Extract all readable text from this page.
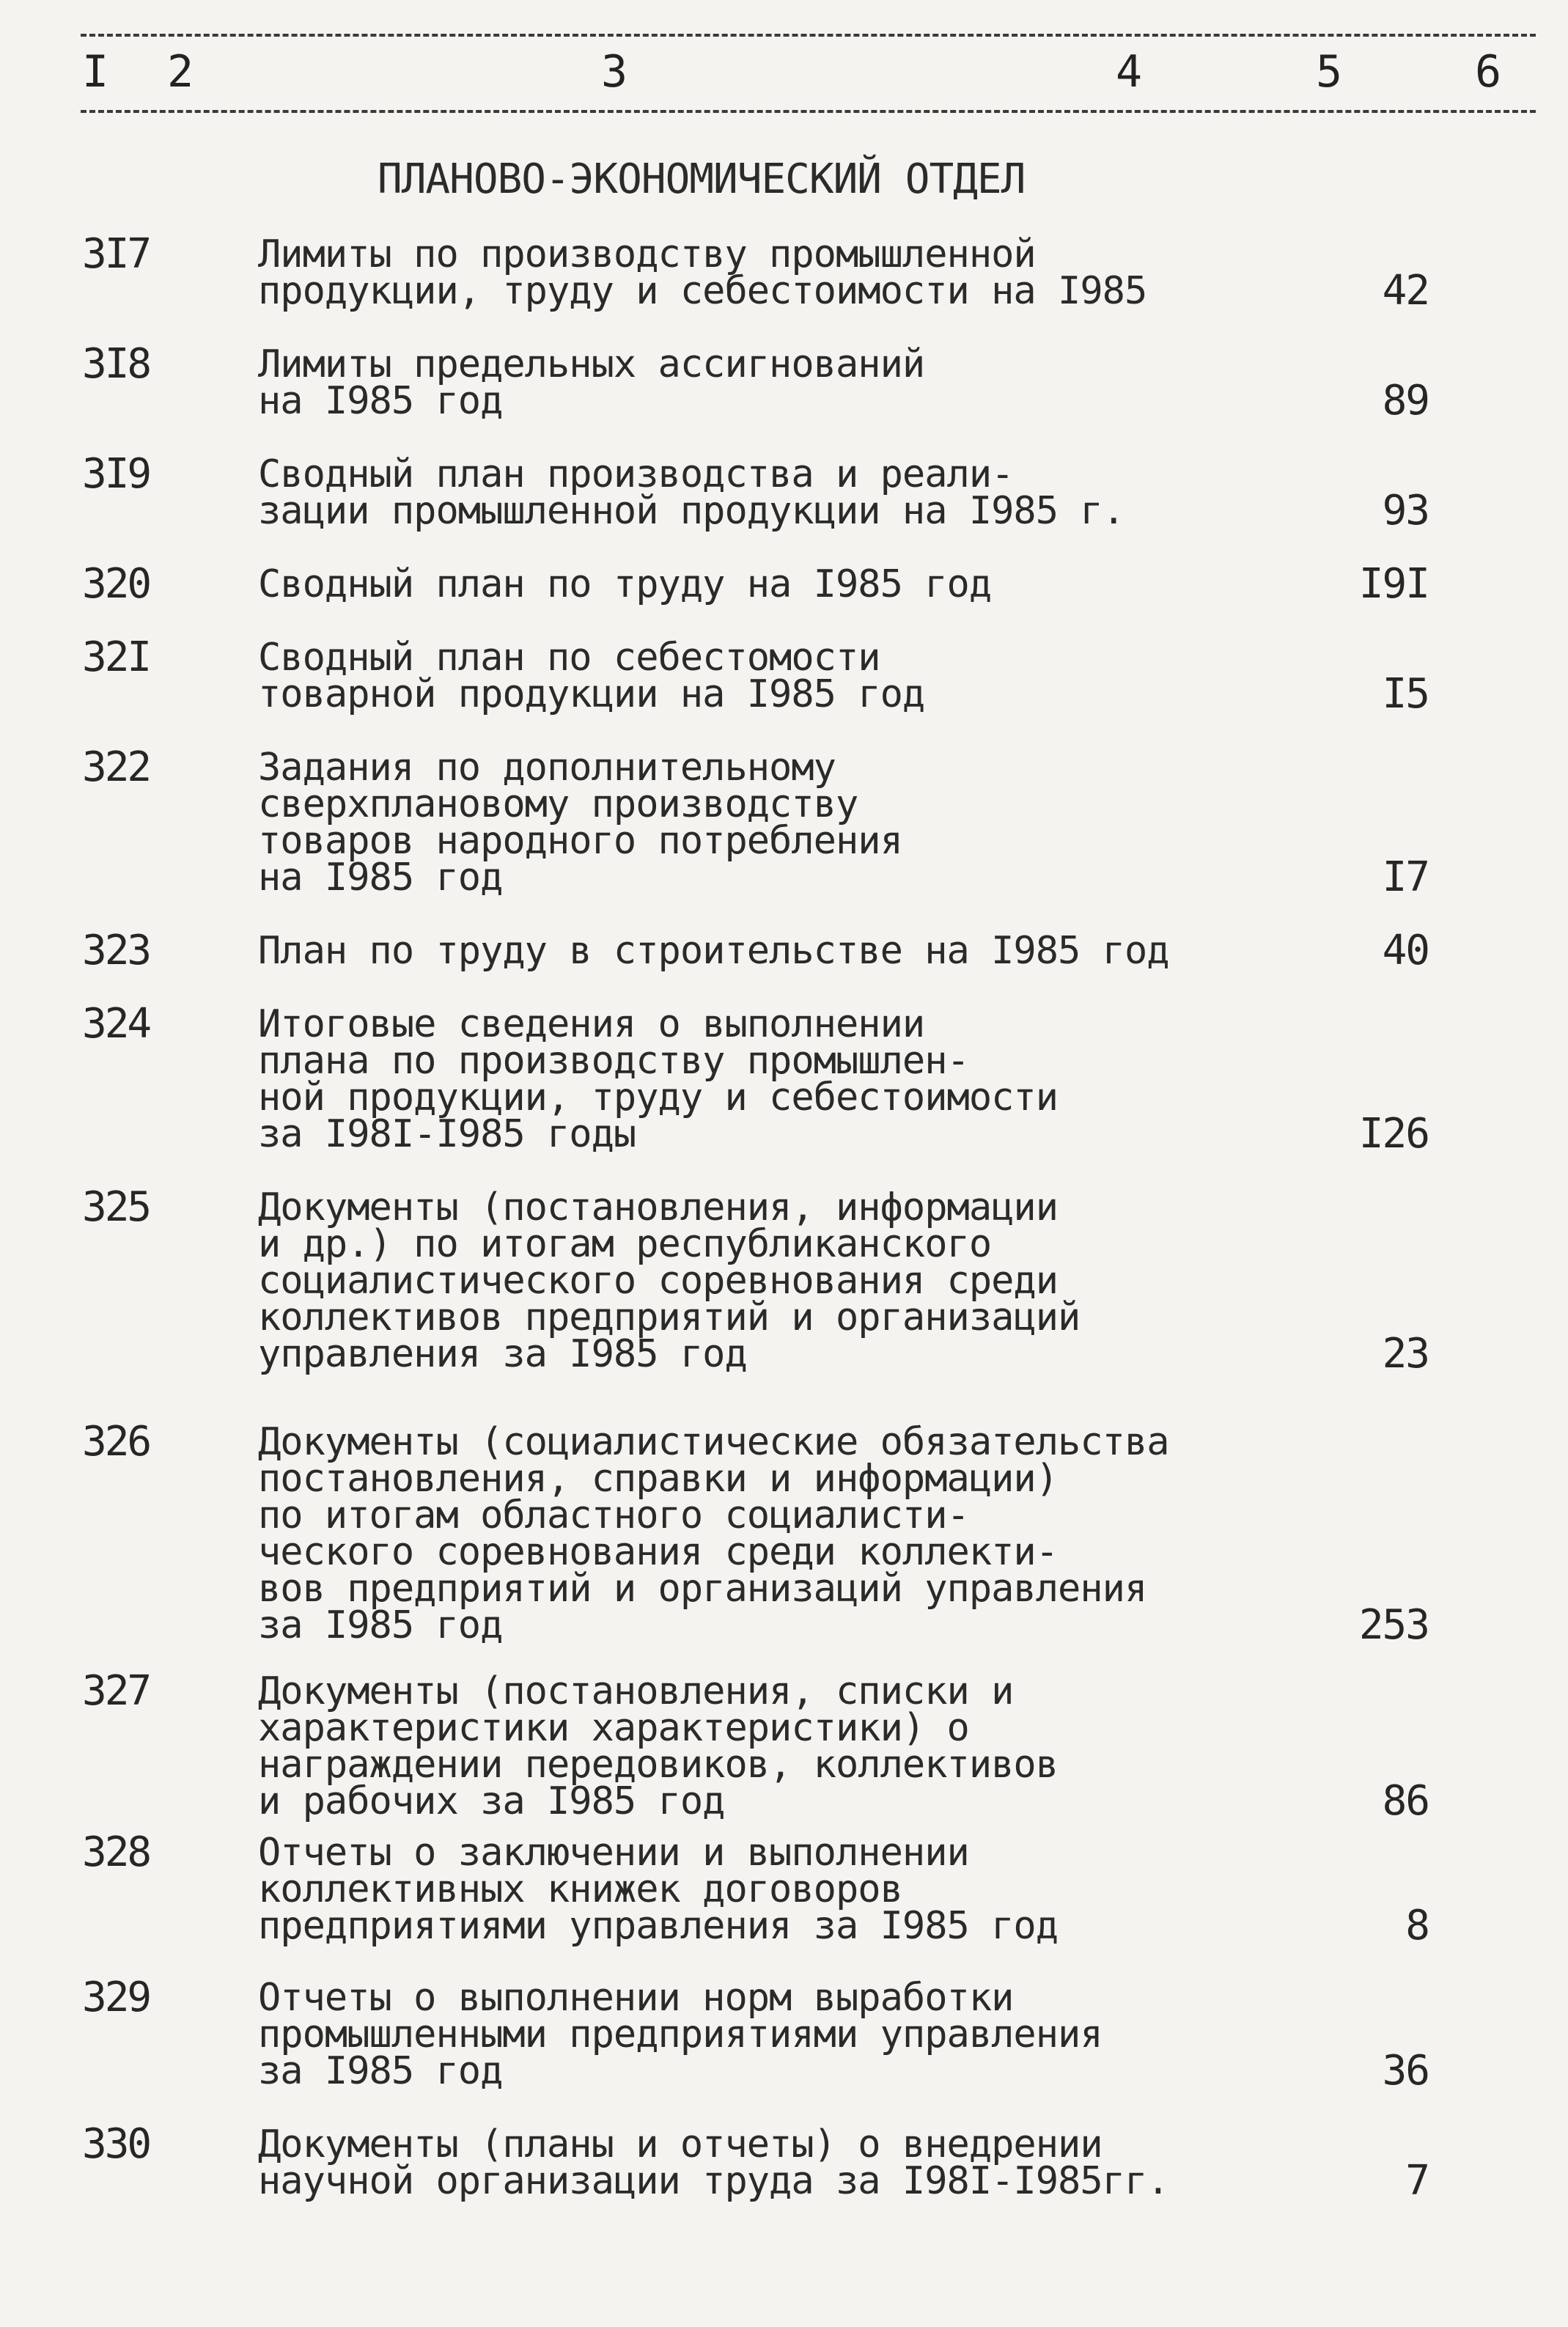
I 2	3	4	5	6
ПЛАНОВО-ЭКОНОМИЧЕСКИЙ ОТДЕЛ
3I7	Лимиты по производству промышленной
продукции, труду и себестоимости на I985	42
3I8	Лимиты предельных ассигнований
на I985 год	89
3I9	Сводный план производства и реали-
зации промышленной продукции на I985 г.	93
320	Сводный план по труду на I985 год	I9I
32I	Сводный план по себестомости
товарной продукции на I985 год	I5
322	Задания по дополнительному
сверхплановому производству
товаров народного потребления
на I985 год	I7
323	План по труду в строительстве на I985 год	40
324	Итоговые сведения о выполнении
плана по производству промышлен-
ной продукции, труду и себестоимости
за I98I-I985 годы	I26
325	Документы (постановления, информации
и др.) по итогам республиканского
социалистического соревнования среди
коллективов предприятий и организаций
управления за I985 год	23
326	Документы (социалистические обязательства
постановления, справки и информации)
по итогам областного социалисти-
ческого соревнования среди коллекти-
вов предприятий и организаций управления
за I985 год	253
327	Документы (постановления, списки и
характеристики характеристики) о
награждении передовиков, коллективов
и рабочих за I985 год	86
328	Отчеты о заключении и выполнении
коллективных книжек договоров
предприятиями управления за I985 год	8
329	Отчеты о выполнении норм выработки
промышленными предприятиями управления
за I985 год	36
330	Документы (планы и отчеты) о внедрении
научной организации труда за I98I-I985гг.	7
